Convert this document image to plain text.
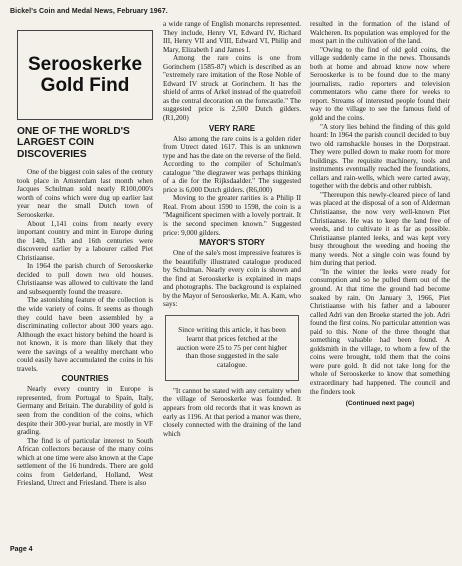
Bickel's Coin and Medal News, February 1967.
Serooskerke Gold Find
ONE OF THE WORLD'S LARGEST COIN DISCOVERIES

One of the biggest coin sales of the century took place in Amsterdam last month when Jacques Schulman sold nearly R100,000's worth of coins which were dug up earlier last year near the small Dutch town of Serooskerke.

About 1,141 coins from nearly every important country and mint in Europe during the 14th, 15th and 16th centuries were discovered earlier by a labourer called Piet Christiaanse.

In 1964 the parish church of Serooskerke decided to pull down two old houses. Christiaanse was allowed to cultivate the land and subsequently found the treasure.

The astonishing feature of the collection is the wide variety of coins. It seems as though they could have been assembled by a discriminating collector about 300 years ago. Although the exact history behind the hoard is not known, it is more than likely that they were the savings of a wealthy merchant who could easily have accumulated the coins in his travels.

COUNTRIES

Nearly every country in Europe is represented, from Portugal to Spain, Italy, Germany and Britain. The durability of gold is seen from the condition of the coins, which despite their 300-year burial, are mostly in VF grading.

The find is of particular interest to South African collectors because of the many coins which at one time were also known at the Cape settlement of the 16 hundreds. There are gold coins from Gelderland, Holland, West Friesland, Utrect and Friesland. There is also

a wide range of English monarchs represented. They include, Henry VI, Edward IV, Richard III, Henry VII and VIII, Edward VI, Philip and Mary, Elizabeth I and James I.

Among the rare coins is one from Gorinchem (1585-87) which is described as an "extremely rare imitation of the Rose Noble of Edward IV struck at Gorinchem. It has the shield of arms of Arkel instead of the quatrefoil as the central decoration on the forecastle." The suggested price is 2,500 Dutch gilders. (R1,200)

VERY RARE

Also among the rare coins is a golden rider from Utrect dated 1617. This is an unknown type and has the date on the reverse of the field. According to the compiler of Schulman's catalogue "the diegrawer was perhaps thinking of a die for the Rijksdaalder." The suggested price is 6,000 Dutch gilders. (R6,000)

Moving to the greater rarities is a Philip II Real. From about 1590 to 1598, the coin is a "Magnificent specimen with a lovely portrait. It is the second specimen known." Suggested price: 9,000 gilders.

MAYOR'S STORY

One of the sale's most impressive features is the beautifully illustrated catalogue produced by Schulman. Nearly every coin is shown and the find at Serooskerke is explained in maps and photographs. The background is explained by the Mayor of Serooskerke, Mr. A. Kam, who says:

Since writing this article, it has been learnt that prices fetched at the auction were 25 to 75 per cent higher than those suggested in the sale catalogue.

"It cannot be stated with any certainty when the village of Serooskerke was founded. It appears from old records that it was known as early as 1196. At that period a manor was there, closely connected with the draining of the land which

resulted in the formation of the island of Walcheren. Its population was employed for the most part in the cultivation of the land.

"Owing to the find of old gold coins, the village suddenly came in the news. Thousands both at home and abroad know now where Serooskerke is to be found due to the many journalists, radio reporters and television commentators who came there for weeks to report. Streams of interested people found their way to the village to see the famous field of gold and the coins.

"A story lies behind the finding of this gold hoard: In 1964 the parish council decided to buy two old ramshackle houses in the Dorpstraat. They were pulled down to make room for more buildings. The requisite machinery, tools and instruments eventually reached the foundations, cellars and rain-wells, which were carted away, together with the debris and other rubbish.

"Thereupon this newly-cleared piece of land was placed at the disposal of a son of Alderman Christiaanse, the now very well-known Piet Christiaanse. He was to keep the land free of weeds, and to cultivate it as far as possible. Christiaanse planted leeks, and was kept very busy throughout the weeding and hoeing the many weeds. Not a single coin was found by him during that period.

"In the winter the leeks were ready for consumption and so he pulled them out of the ground. At that time the ground had become soaked by rain. On January 3, 1966, Piet Christiaanse with his father and a labourer called Adri van den Broeke started the job. Adri found the first coins. No particular attention was paid to this. None of the three thought that something valuable had been found. A goldsmith in the village, to whom a few of the coins were brought, told them that the coins were pure gold. It did not take long for the whole of Serooskerke to know that something extraordinary had happened. The council and the finders took

(Continued next page)
Page 4
